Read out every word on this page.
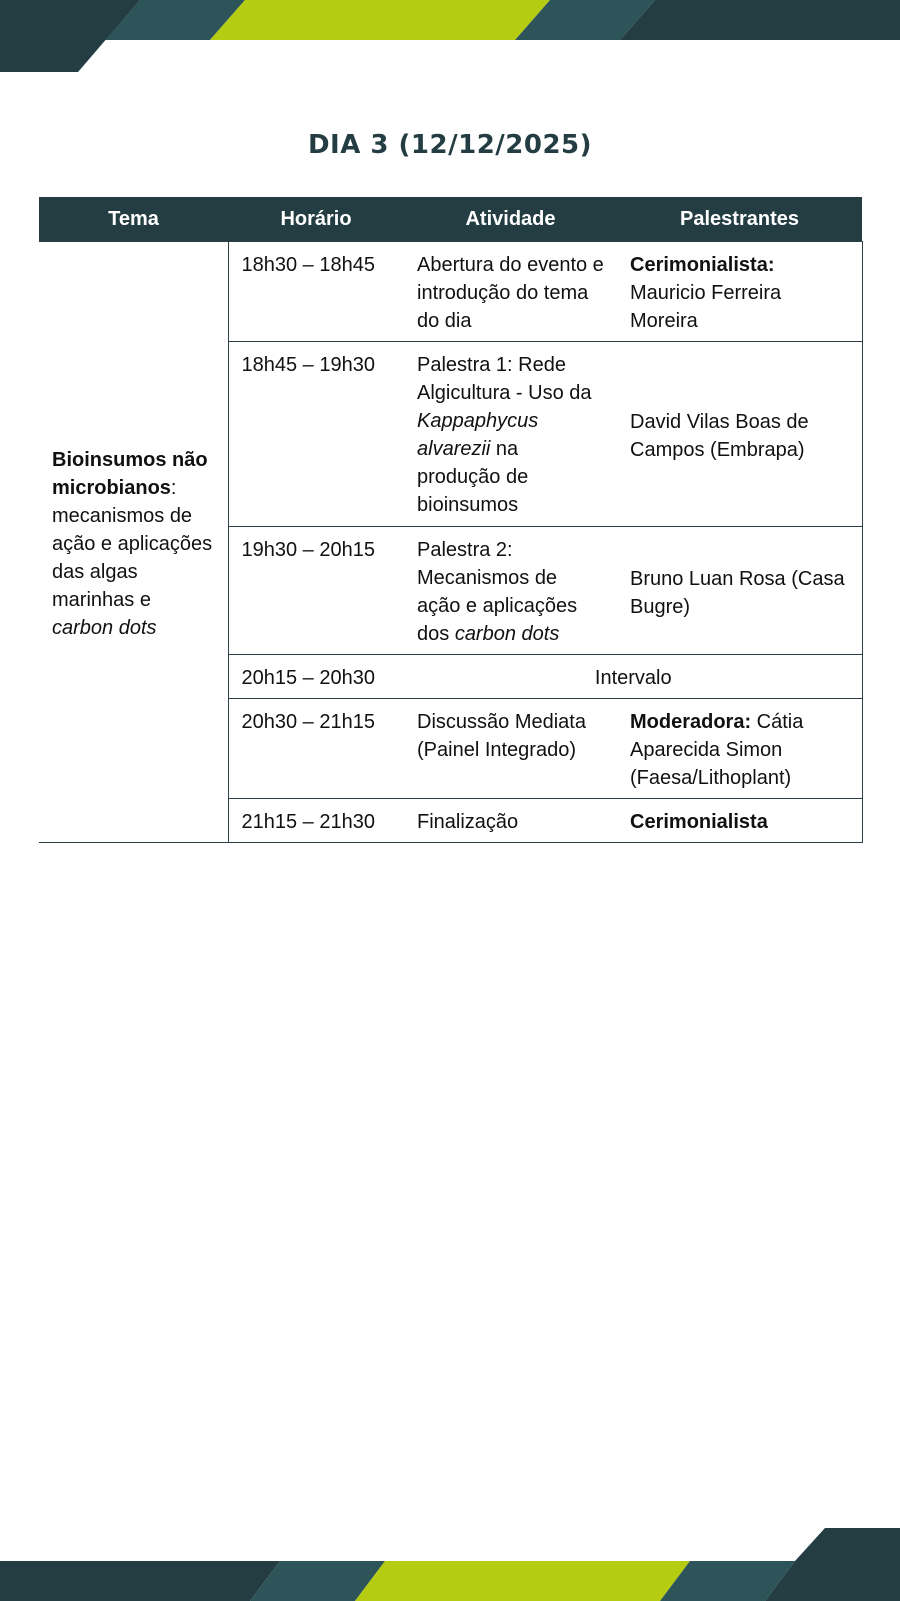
DIA 3 (12/12/2025)
Tema	Horário	Atividade	Palestrantes
Bioinsumos não microbianos: mecanismos de ação e aplicações das algas marinhas e carbon dots	18h30 – 18h45	Abertura do evento e introdução do tema do dia	Cerimonialista: Mauricio Ferreira Moreira
	18h45 – 19h30	Palestra 1: Rede Algicultura - Uso da Kappaphycus alvarezii na produção de bioinsumos	David Vilas Boas de Campos (Embrapa)
	19h30 – 20h15	Palestra 2: Mecanismos de ação e aplicações dos carbon dots	Bruno Luan Rosa (Casa Bugre)
	20h15 – 20h30	Intervalo	
	20h30 – 21h15	Discussão Mediata (Painel Integrado)	Moderadora: Cátia Aparecida Simon (Faesa/Lithoplant)
	21h15 – 21h30	Finalização	Cerimonialista
